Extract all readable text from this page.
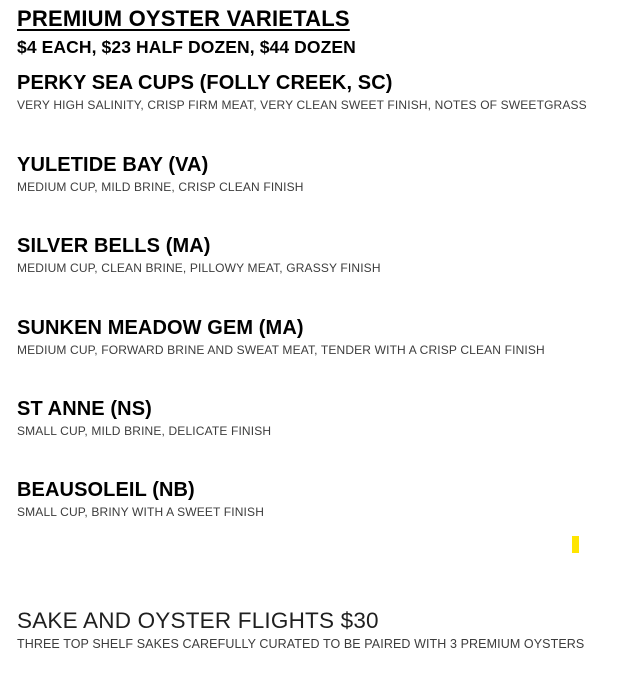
PREMIUM OYSTER VARIETALS
$4 EACH, $23 HALF DOZEN, $44 DOZEN
PERKY SEA CUPS (FOLLY CREEK, SC)
VERY HIGH SALINITY, CRISP FIRM MEAT, VERY CLEAN SWEET FINISH, NOTES OF SWEETGRASS
YULETIDE BAY (VA)
MEDIUM CUP, MILD BRINE, CRISP CLEAN FINISH
SILVER BELLS (MA)
MEDIUM CUP, CLEAN BRINE, PILLOWY MEAT, GRASSY FINISH
SUNKEN MEADOW GEM (MA)
MEDIUM CUP, FORWARD BRINE AND SWEAT MEAT, TENDER WITH A CRISP CLEAN FINISH
ST ANNE (NS)
SMALL CUP, MILD BRINE, DELICATE FINISH
BEAUSOLEIL (NB)
SMALL CUP, BRINY WITH A SWEET FINISH
SAKE AND OYSTER FLIGHTS $30
THREE TOP SHELF SAKES CAREFULLY CURATED TO BE PAIRED WITH 3 PREMIUM OYSTERS
